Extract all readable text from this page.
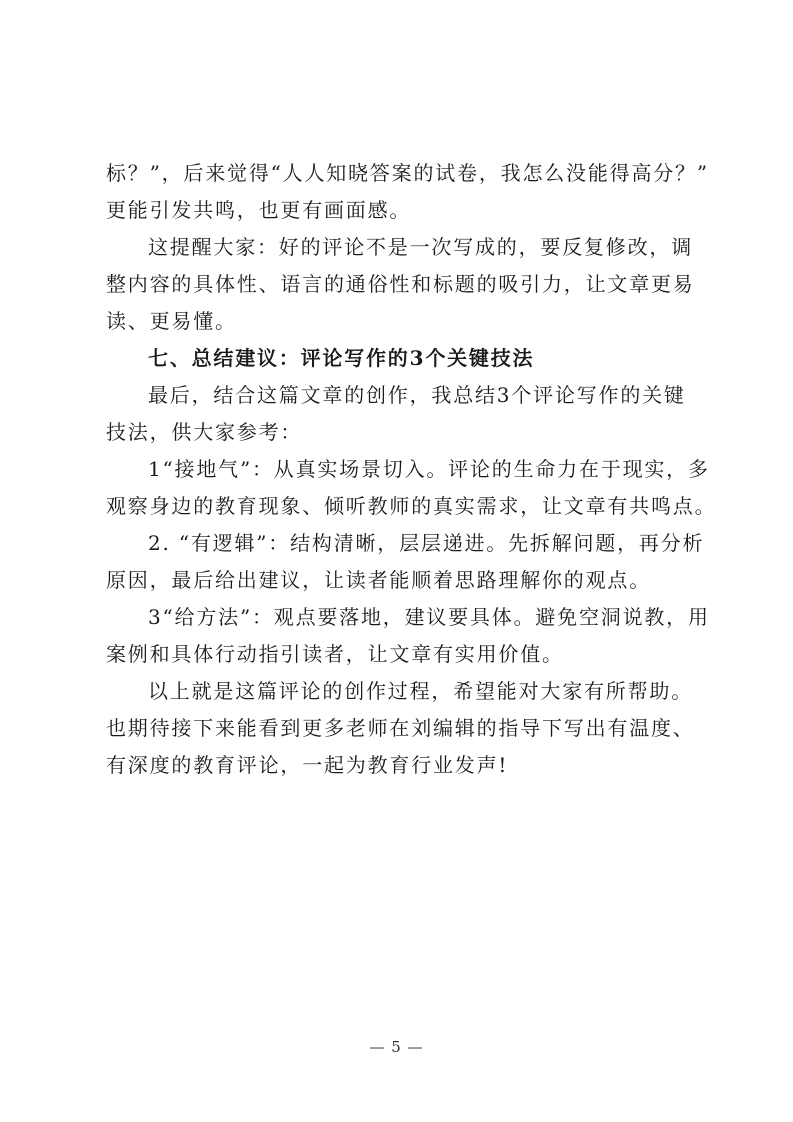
标？”，后来觉得“人人知晓答案的试卷，我怎么没能得高分？”
更能引发共鸣，也更有画面感。
这提醒大家：好的评论不是一次写成的，要反复修改，调
整内容的具体性、语言的通俗性和标题的吸引力，让文章更易
读、更易懂。
七、总结建议：评论写作的3个关键技法
最后，结合这篇文章的创作，我总结3个评论写作的关键
技法，供大家参考：
1“接地气”：从真实场景切入。评论的生命力在于现实，多
观察身边的教育现象、倾听教师的真实需求，让文章有共鸣点。
2. “有逻辑”：结构清晰，层层递进。先拆解问题，再分析
原因，最后给出建议，让读者能顺着思路理解你的观点。
3“给方法”：观点要落地，建议要具体。避免空洞说教，用
案例和具体行动指引读者，让文章有实用价值。
以上就是这篇评论的创作过程，希望能对大家有所帮助。
也期待接下来能看到更多老师在刘编辑的指导下写出有温度、
有深度的教育评论，一起为教育行业发声!
— 5 —
